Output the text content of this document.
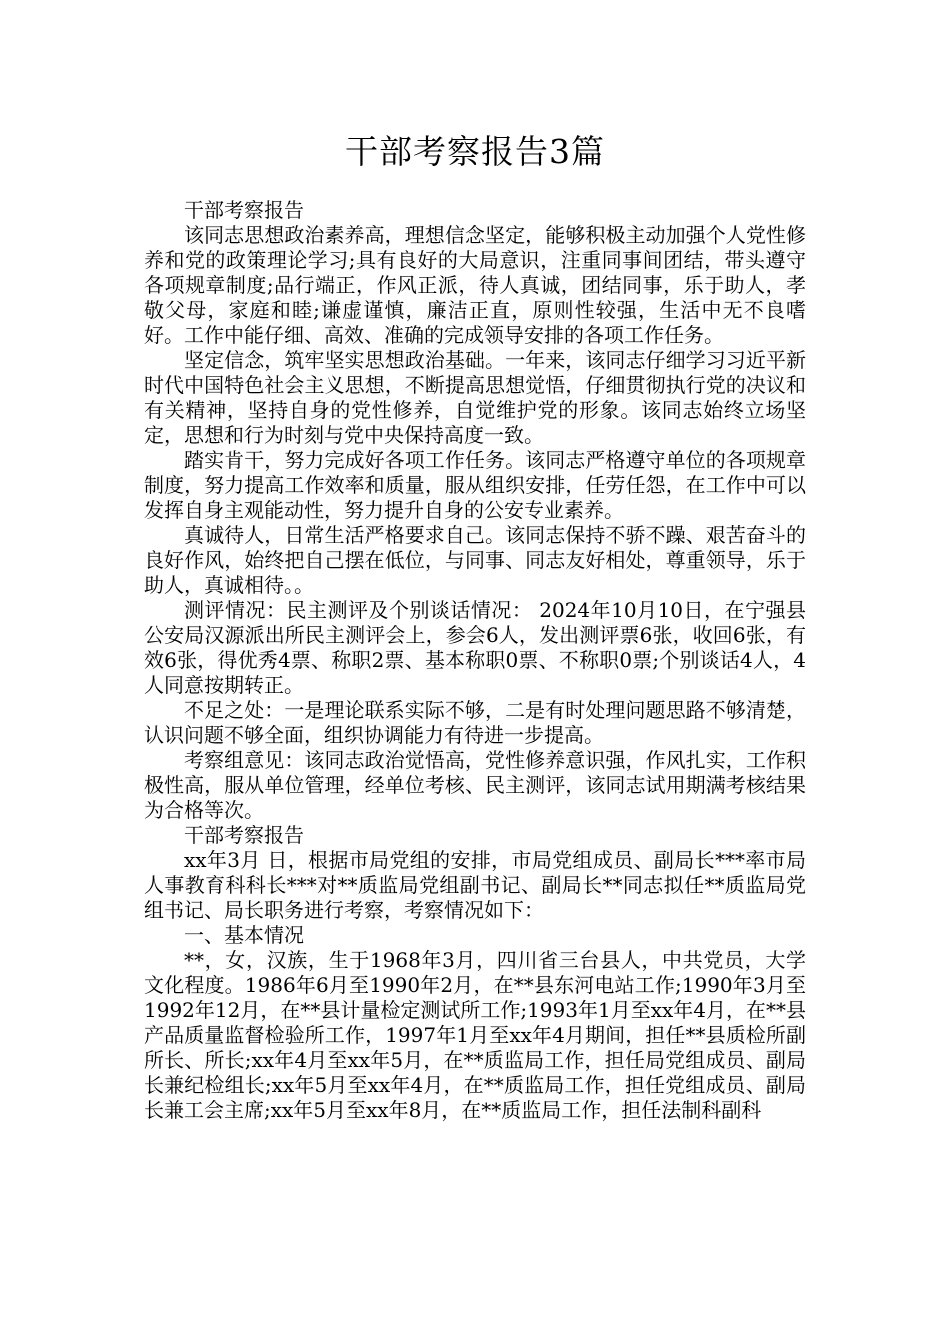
干部考察报告3篇

干部考察报告

该同志思想政治素养高，理想信念坚定，能够积极主动加强个人党性修养和党的政策理论学习;具有良好的大局意识，注重同事间团结，带头遵守各项规章制度;品行端正，作风正派，待人真诚，团结同事，乐于助人，孝敬父母，家庭和睦;谦虚谨慎，廉洁正直，原则性较强，生活中无不良嗜好。工作中能仔细、高效、准确的完成领导安排的各项工作任务。

坚定信念，筑牢坚实思想政治基础。一年来，该同志仔细学习习近平新时代中国特色社会主义思想，不断提高思想觉悟，仔细贯彻执行党的决议和有关精神，坚持自身的党性修养，自觉维护党的形象。该同志始终立场坚定，思想和行为时刻与党中央保持高度一致。

踏实肯干，努力完成好各项工作任务。该同志严格遵守单位的各项规章制度，努力提高工作效率和质量，服从组织安排，任劳任怨，在工作中可以发挥自身主观能动性，努力提升自身的公安专业素养。

真诚待人，日常生活严格要求自己。该同志保持不骄不躁、艰苦奋斗的良好作风，始终把自己摆在低位，与同事、同志友好相处，尊重领导，乐于助人，真诚相待。。

测评情况：民主测评及个别谈话情况： 2024年10月10日，在宁强县公安局汉源派出所民主测评会上，参会6人，发出测评票6张，收回6张，有效6张，得优秀4票、称职2票、基本称职0票、不称职0票;个别谈话4人，4人同意按期转正。

不足之处：一是理论联系实际不够，二是有时处理问题思路不够清楚，认识问题不够全面，组织协调能力有待进一步提高。

考察组意见：该同志政治觉悟高，党性修养意识强，作风扎实，工作积极性高，服从单位管理，经单位考核、民主测评，该同志试用期满考核结果为合格等次。

干部考察报告

xx年3月 日，根据市局党组的安排，市局党组成员、副局长***率市局人事教育科科长***对**质监局党组副书记、副局长**同志拟任**质监局党组书记、局长职务进行考察，考察情况如下：

一、基本情况

**，女，汉族，生于1968年3月，四川省三台县人，中共党员，大学文化程度。1986年6月至1990年2月，在**县东河电站工作;1990年3月至1992年12月，在**县计量检定测试所工作;1993年1月至xx年4月，在**县产品质量监督检验所工作，1997年1月至xx年4月期间，担任**县质检所副所长、所长;xx年4月至xx年5月，在**质监局工作，担任局党组成员、副局长兼纪检组长;xx年5月至xx年4月，在**质监局工作，担任党组成员、副局长兼工会主席;xx年5月至xx年8月，在**质监局工作，担任法制科副科
